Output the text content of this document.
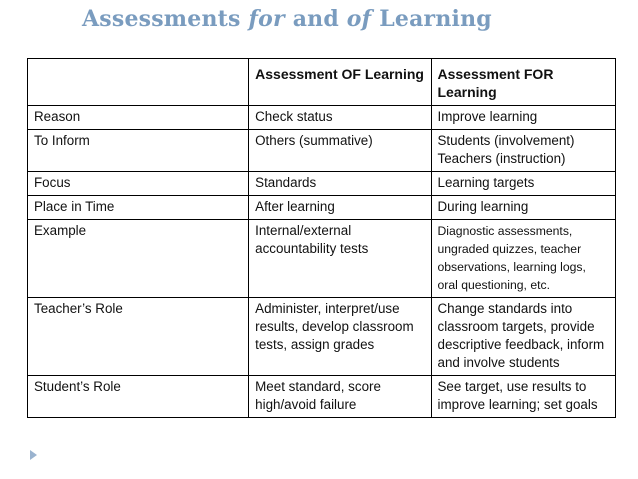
Assessments for and of Learning
	Assessment OF Learning	Assessment FOR Learning
Reason	Check status	Improve learning
To Inform	Others (summative)	Students (involvement) Teachers (instruction)
Focus	Standards	Learning targets
Place in Time	After learning	During learning
Example	Internal/external accountability tests	Diagnostic assessments, ungraded quizzes, teacher observations, learning logs, oral questioning, etc.
Teacher’s Role	Administer, interpret/use results, develop classroom tests, assign grades	Change standards into classroom targets, provide descriptive feedback, inform and involve students
Student’s Role	Meet standard, score high/avoid failure	See target, use results to improve learning; set goals
